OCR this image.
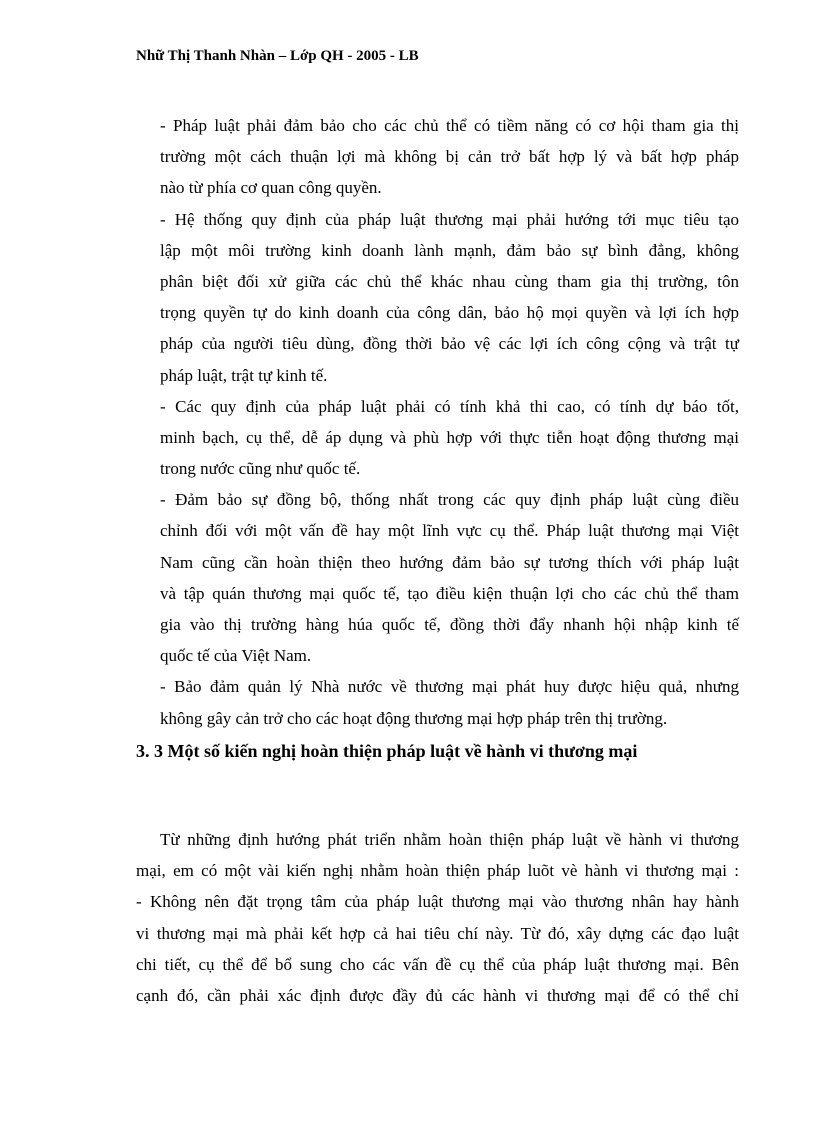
Nhữ Thị Thanh Nhàn – Lớp QH - 2005 - LB
- Pháp luật phải đảm bảo cho các chủ thể có tiềm năng có cơ hội tham gia thị
trường một cách thuận lợi mà không bị cản trở bất hợp lý và bất hợp pháp
nào từ phía cơ quan công quyền.
- Hệ thống quy định của pháp luật thương mại phải hướng tới mục tiêu tạo
lập một môi trường kinh doanh lành mạnh, đảm bảo sự bình đẳng, không
phân biệt đối xử giữa các chủ thể khác nhau cùng tham gia thị trường, tôn
trọng quyền tự do kinh doanh của công dân, bảo hộ mọi quyền và lợi ích hợp
pháp của người tiêu dùng, đồng thời bảo vệ các lợi ích công cộng và trật tự
pháp luật, trật tự kinh tế.
- Các quy định của pháp luật phải có tính khả thi cao, có tính dự báo tốt,
minh bạch, cụ thể, dễ áp dụng và phù hợp với thực tiễn hoạt động thương mại
trong nước cũng như quốc tế.
- Đảm bảo sự đồng bộ, thống nhất trong các quy định pháp luật cùng điều
chỉnh đối với một vấn đề hay một lĩnh vực cụ thể. Pháp luật thương mại Việt
Nam cũng cần hoàn thiện theo hướng đảm bảo sự tương thích với pháp luật
và tập quán thương mại quốc tế, tạo điều kiện thuận lợi cho các chủ thể tham
gia vào thị trường hàng húa quốc tế, đồng thời đẩy nhanh hội nhập kinh tế
quốc tế của Việt Nam.
- Bảo đảm quản lý Nhà nước về thương mại phát huy được hiệu quả, nhưng
không gây cản trở cho các hoạt động thương mại hợp pháp trên thị trường.
3. 3 Một số kiến nghị hoàn thiện pháp luật về hành vi thương mại
Từ những định hướng phát triển nhằm hoàn thiện pháp luật về hành vi thương
mại, em có một vài kiến nghị nhằm hoàn thiện pháp luõt vè hành vi thương mại :
- Không nên đặt trọng tâm của pháp luật thương mại vào thương nhân hay hành
vi thương mại mà phải kết hợp cả hai tiêu chí này. Từ đó, xây dựng các đạo luật
chi tiết, cụ thể để bổ sung cho các vấn đề cụ thể của pháp luật thương mại. Bên
cạnh đó, cần phải xác định được đầy đủ các hành vi thương mại để có thể chỉ
